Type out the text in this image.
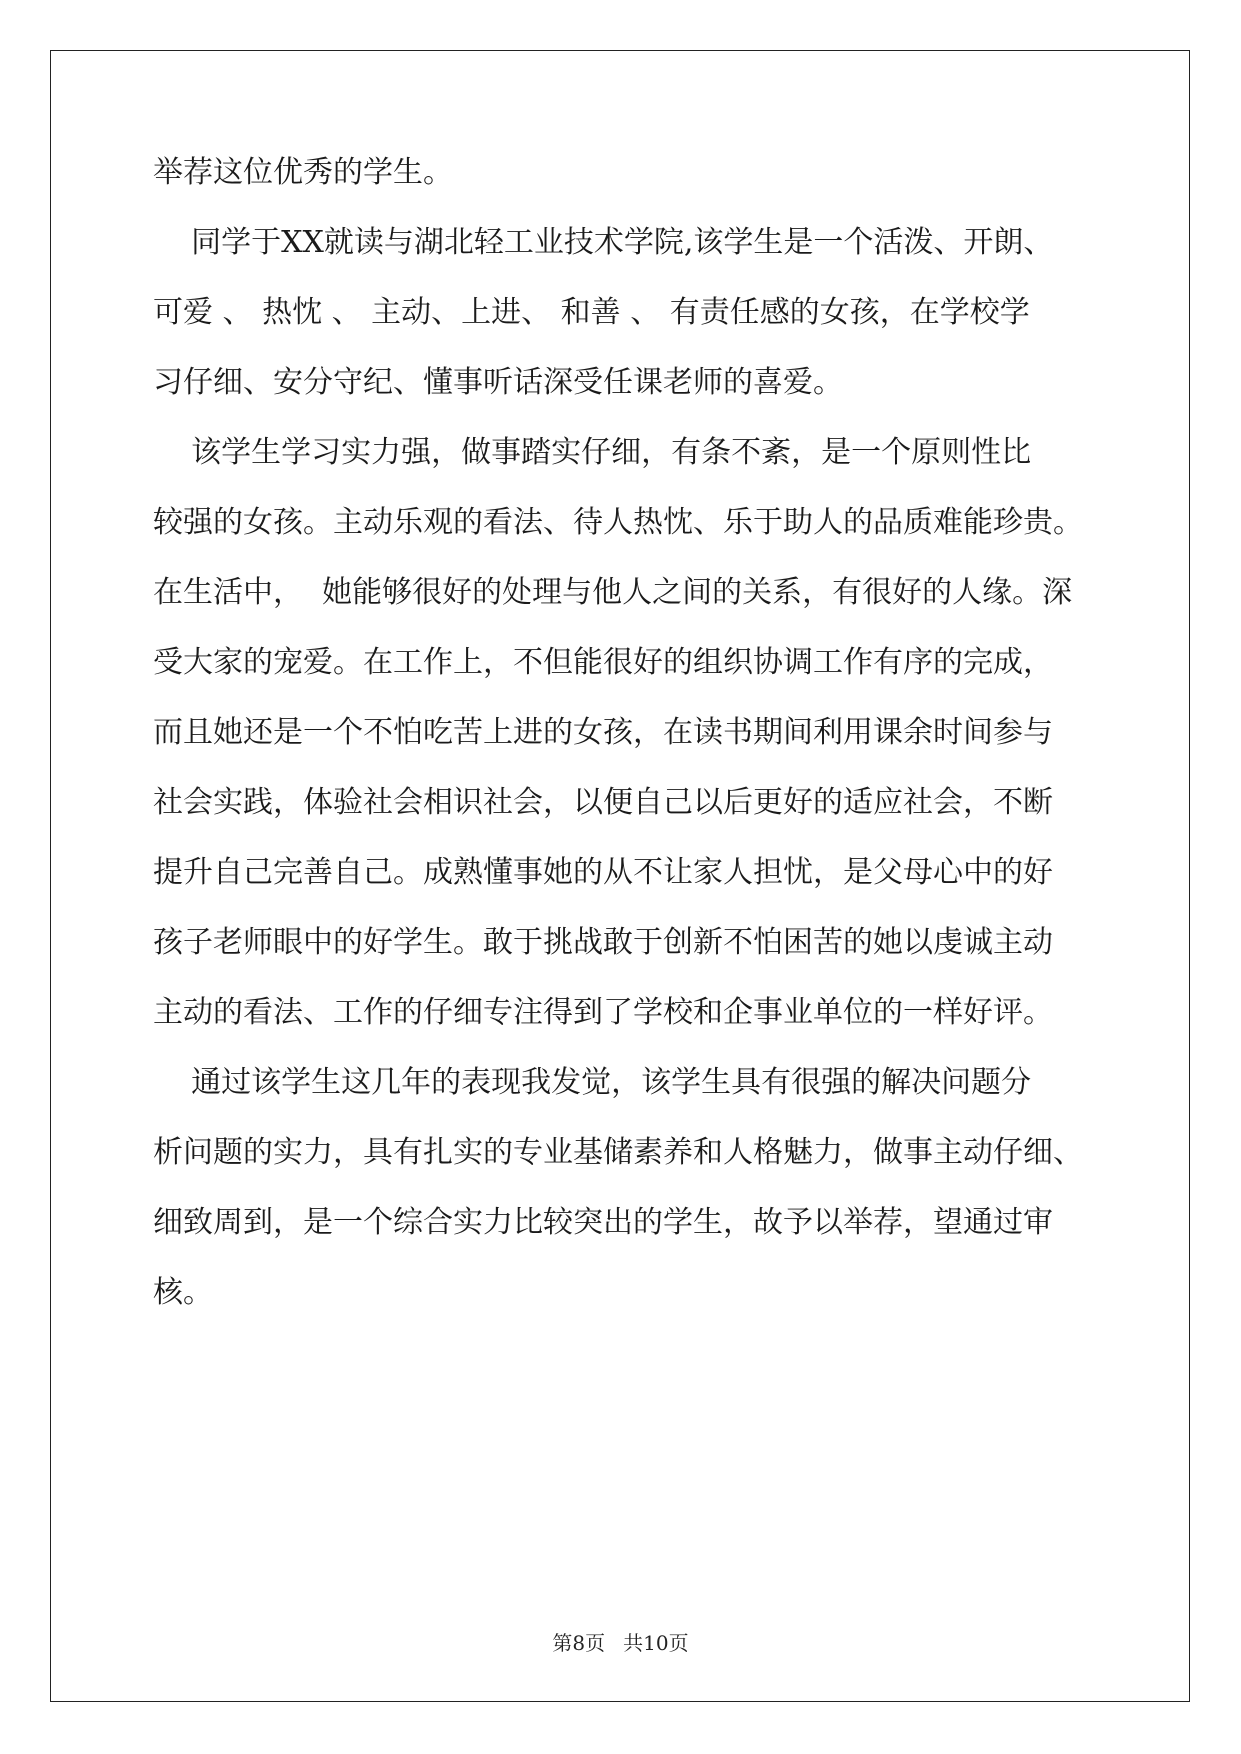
举荐这位优秀的学生。
同学于XX就读与湖北轻工业技术学院,该学生是一个活泼、开朗、
可爱 、 热忱 、 主动、上进、 和善 、 有责任感的女孩，在学校学
习仔细、安分守纪、懂事听话深受任课老师的喜爱。
该学生学习实力强，做事踏实仔细，有条不紊，是一个原则性比
较强的女孩。主动乐观的看法、待人热忱、乐于助人的品质难能珍贵。
在生活中，  她能够很好的处理与他人之间的关系，有很好的人缘。深
受大家的宠爱。在工作上，不但能很好的组织协调工作有序的完成，
而且她还是一个不怕吃苦上进的女孩，在读书期间利用课余时间参与
社会实践，体验社会相识社会，以便自己以后更好的适应社会，不断
提升自己完善自己。成熟懂事她的从不让家人担忧，是父母心中的好
孩子老师眼中的好学生。敢于挑战敢于创新不怕困苦的她以虔诚主动
主动的看法、工作的仔细专注得到了学校和企事业单位的一样好评。
通过该学生这几年的表现我发觉，该学生具有很强的解决问题分
析问题的实力，具有扎实的专业基储素养和人格魅力，做事主动仔细、
细致周到，是一个综合实力比较突出的学生，故予以举荐，望通过审
核。
第8页 共10页
